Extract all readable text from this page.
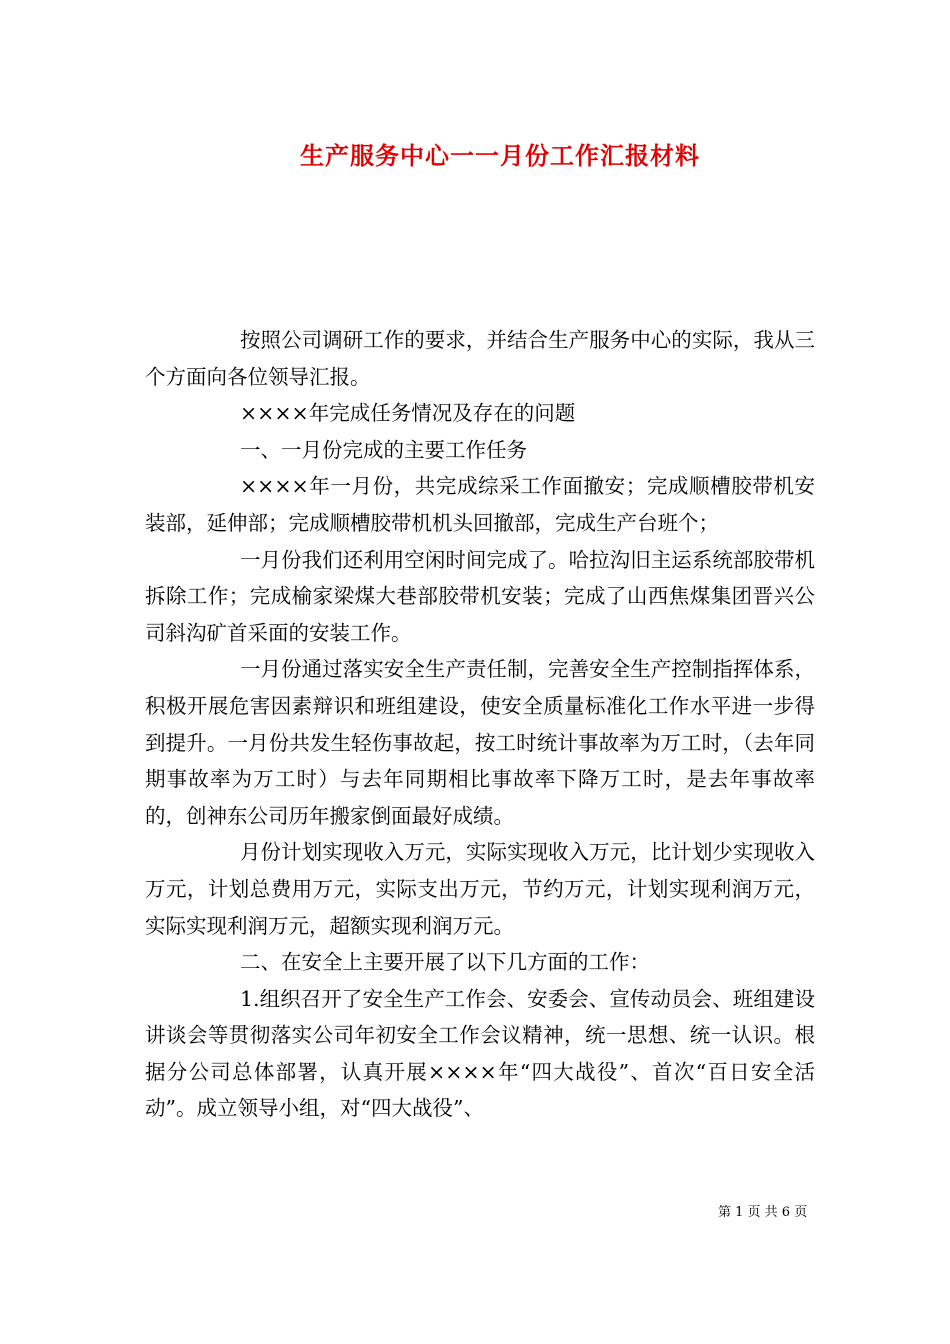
生产服务中心一一月份工作汇报材料

按照公司调研工作的要求，并结合生产服务中心的实际，我从三个方面向各位领导汇报。

××××年完成任务情况及存在的问题

一、一月份完成的主要工作任务

××××年一月份，共完成综采工作面撤安；完成顺槽胶带机安装部，延伸部；完成顺槽胶带机机头回撤部，完成生产台班个；

一月份我们还利用空闲时间完成了。哈拉沟旧主运系统部胶带机拆除工作；完成榆家梁煤大巷部胶带机安装；完成了山西焦煤集团晋兴公司斜沟矿首采面的安装工作。

一月份通过落实安全生产责任制，完善安全生产控制指挥体系，积极开展危害因素辩识和班组建设，使安全质量标准化工作水平进一步得到提升。一月份共发生轻伤事故起，按工时统计事故率为万工时，（去年同期事故率为万工时）与去年同期相比事故率下降万工时，是去年事故率的，创神东公司历年搬家倒面最好成绩。

月份计划实现收入万元，实际实现收入万元，比计划少实现收入万元，计划总费用万元，实际支出万元，节约万元，计划实现利润万元，实际实现利润万元，超额实现利润万元。

二、在安全上主要开展了以下几方面的工作：

1.组织召开了安全生产工作会、安委会、宣传动员会、班组建设讲谈会等贯彻落实公司年初安全工作会议精神，统一思想、统一认识。根据分公司总体部署，认真开展××××年“四大战役”、首次“百日安全活动”。成立领导小组，对“四大战役”、

第 1 页 共 6 页
